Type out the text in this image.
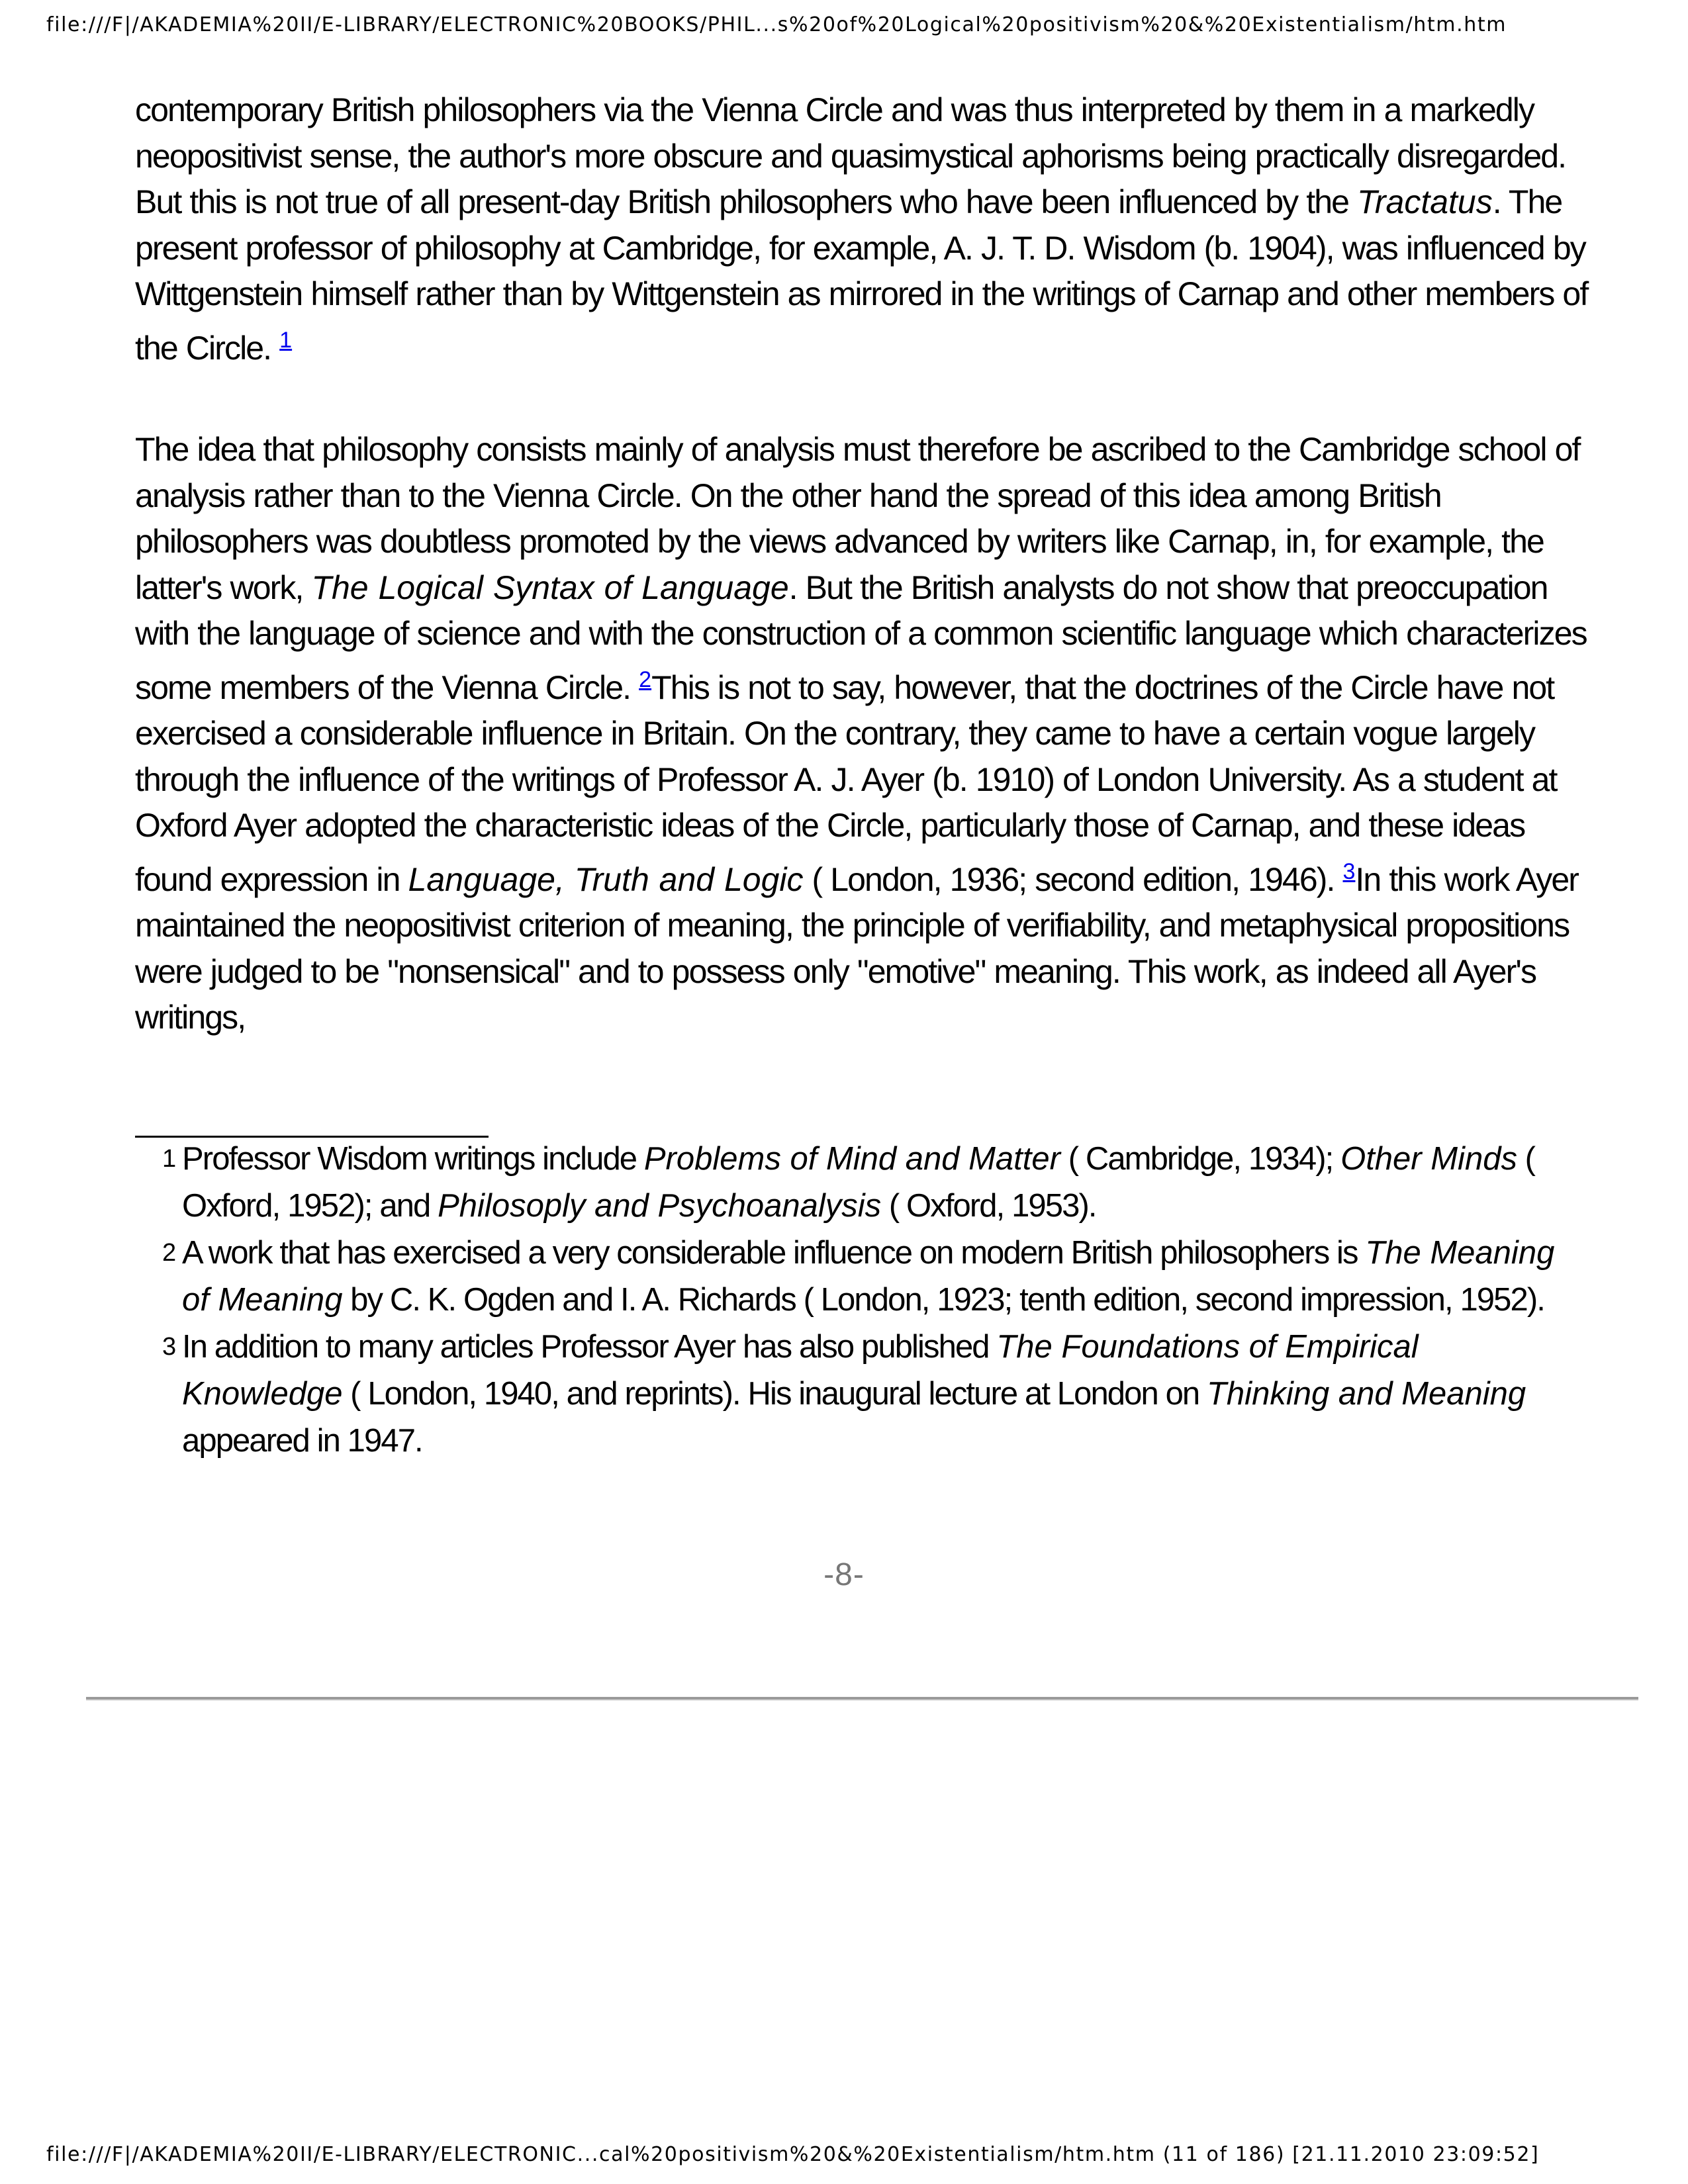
file:///F|/AKADEMIA%20II/E-LIBRARY/ELECTRONIC%20BOOKS/PHIL...s%20of%20Logical%20positivism%20&%20Existentialism/htm.htm

contemporary British philosophers via the Vienna Circle and was thus interpreted by them in a markedly neopositivist sense, the author's more obscure and quasimystical aphorisms being practically disregarded. But this is not true of all present-day British philosophers who have been influenced by the Tractatus. The present professor of philosophy at Cambridge, for example, A. J. T. D. Wisdom (b. 1904), was influenced by Wittgenstein himself rather than by Wittgenstein as mirrored in the writings of Carnap and other members of the Circle. $^1$

The idea that philosophy consists mainly of analysis must therefore be ascribed to the Cambridge school of analysis rather than to the Vienna Circle. On the other hand the spread of this idea among British philosophers was doubtless promoted by the views advanced by writers like Carnap, in, for example, the latter's work, The Logical Syntax of Language. But the British analysts do not show that preoccupation with the language of science and with the construction of a common scientific language which characterizes some members of the Vienna Circle. $^2$This is not to say, however, that the doctrines of the Circle have not exercised a considerable influence in Britain. On the contrary, they came to have a certain vogue largely through the influence of the writings of Professor A. J. Ayer (b. 1910) of London University. As a student at Oxford Ayer adopted the characteristic ideas of the Circle, particularly those of Carnap, and these ideas found expression in Language, Truth and Logic ( London, 1936; second edition, 1946). $^3$In this work Ayer maintained the neopositivist criterion of meaning, the principle of verifiability, and metaphysical propositions were judged to be "nonsensical" and to possess only "emotive" meaning. This work, as indeed all Ayer's writings,

1 Professor Wisdom writings include Problems of Mind and Matter ( Cambridge, 1934); Other Minds ( Oxford, 1952); and Philosoply and Psychoanalysis ( Oxford, 1953).
2 A work that has exercised a very considerable influence on modern British philosophers is The Meaning of Meaning by C. K. Ogden and I. A. Richards ( London, 1923; tenth edition, second impression, 1952).
3 In addition to many articles Professor Ayer has also published The Foundations of Empirical Knowledge ( London, 1940, and reprints). His inaugural lecture at London on Thinking and Meaning appeared in 1947.
-8-
file:///F|/AKADEMIA%20II/E-LIBRARY/ELECTRONIC...cal%20positivism%20&%20Existentialism/htm.htm (11 of 186) [21.11.2010 23:09:52]
